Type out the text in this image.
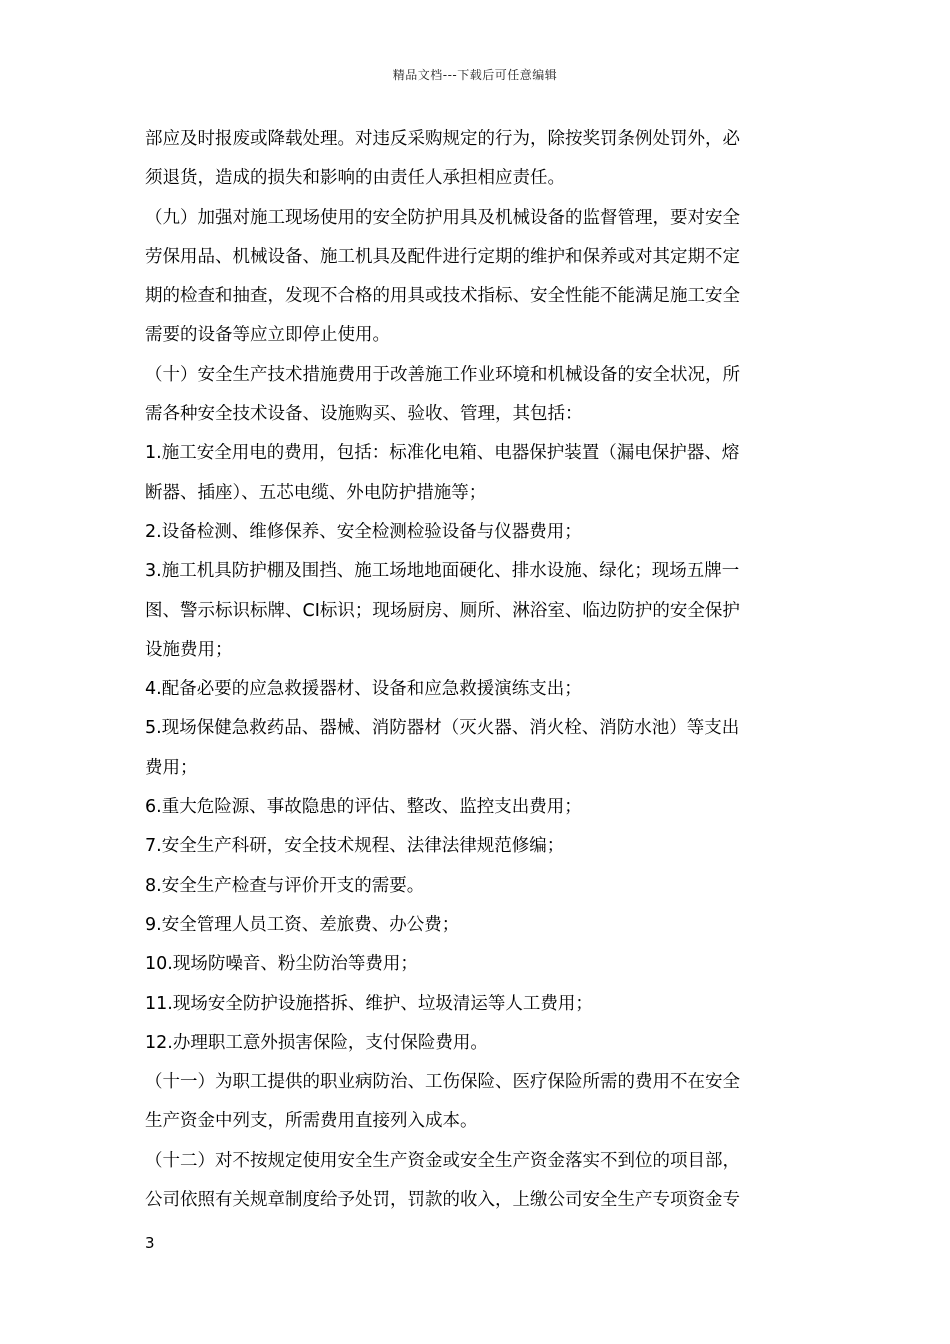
精品文档---下载后可任意编辑
部应及时报废或降载处理。对违反采购规定的行为，除按奖罚条例处罚外，必
须退货，造成的损失和影响的由责任人承担相应责任。
（九）加强对施工现场使用的安全防护用具及机械设备的监督管理，要对安全
劳保用品、机械设备、施工机具及配件进行定期的维护和保养或对其定期不定
期的检查和抽查，发现不合格的用具或技术指标、安全性能不能满足施工安全
需要的设备等应立即停止使用。
（十）安全生产技术措施费用于改善施工作业环境和机械设备的安全状况，所
需各种安全技术设备、设施购买、验收、管理，其包括：
1.施工安全用电的费用，包括：标准化电箱、电器保护装置（漏电保护器、熔
断器、插座）、五芯电缆、外电防护措施等；
2.设备检测、维修保养、安全检测检验设备与仪器费用；
3.施工机具防护棚及围挡、施工场地地面硬化、排水设施、绿化；现场五牌一
图、警示标识标牌、CI标识；现场厨房、厕所、淋浴室、临边防护的安全保护
设施费用；
4.配备必要的应急救援器材、设备和应急救援演练支出；
5.现场保健急救药品、器械、消防器材（灭火器、消火栓、消防水池）等支出
费用；
6.重大危险源、事故隐患的评估、整改、监控支出费用；
7.安全生产科研，安全技术规程、法律法律规范修编；
8.安全生产检查与评价开支的需要。
9.安全管理人员工资、差旅费、办公费；
10.现场防噪音、粉尘防治等费用；
11.现场安全防护设施搭拆、维护、垃圾清运等人工费用；
12.办理职工意外损害保险，支付保险费用。
（十一）为职工提供的职业病防治、工伤保险、医疗保险所需的费用不在安全
生产资金中列支，所需费用直接列入成本。
（十二）对不按规定使用安全生产资金或安全生产资金落实不到位的项目部，
公司依照有关规章制度给予处罚，罚款的收入，上缴公司安全生产专项资金专
3
